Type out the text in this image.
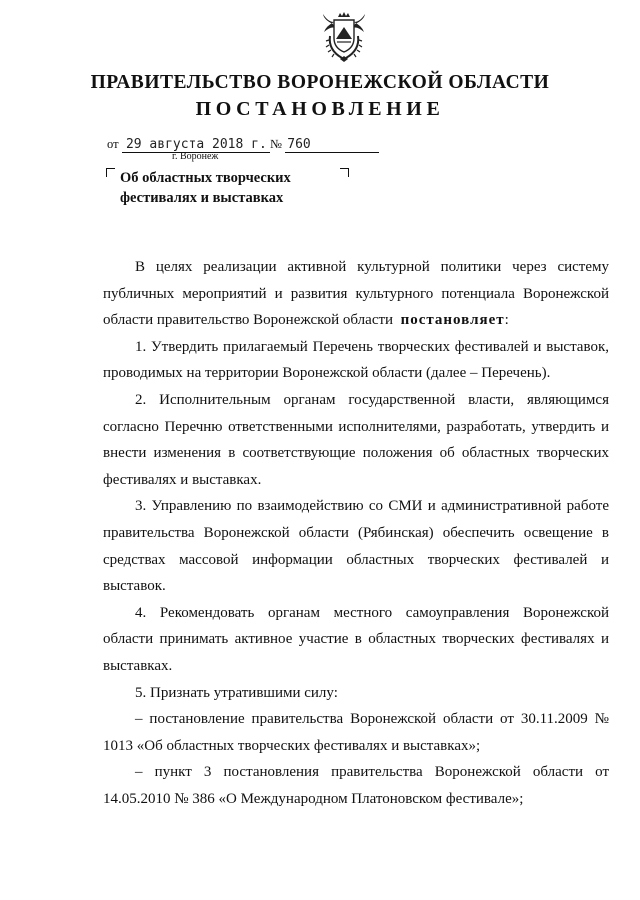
ПРАВИТЕЛЬСТВО ВОРОНЕЖСКОЙ ОБЛАСТИ
ПОСТАНОВЛЕНИЕ
от 29 августа 2018 г. № 760
г. Воронеж
Об областных творческих
фестивалях и выставках

В целях реализации активной культурной политики через систему публичных мероприятий и развития культурного потенциала Воронежской области правительство Воронежской области постановляет:

1. Утвердить прилагаемый Перечень творческих фестивалей и выставок, проводимых на территории Воронежской области (далее – Перечень).

2. Исполнительным органам государственной власти, являющимся согласно Перечню ответственными исполнителями, разработать, утвердить и внести изменения в соответствующие положения об областных творческих фестивалях и выставках.

3. Управлению по взаимодействию со СМИ и административной работе правительства Воронежской области (Рябинская) обеспечить освещение в средствах массовой информации областных творческих фестивалей и выставок.

4. Рекомендовать органам местного самоуправления Воронежской области принимать активное участие в областных творческих фестивалях и выставках.

5. Признать утратившими силу:

– постановление правительства Воронежской области от 30.11.2009 № 1013 «Об областных творческих фестивалях и выставках»;

– пункт 3 постановления правительства Воронежской области от 14.05.2010 № 386 «О Международном Платоновском фестивале»;
